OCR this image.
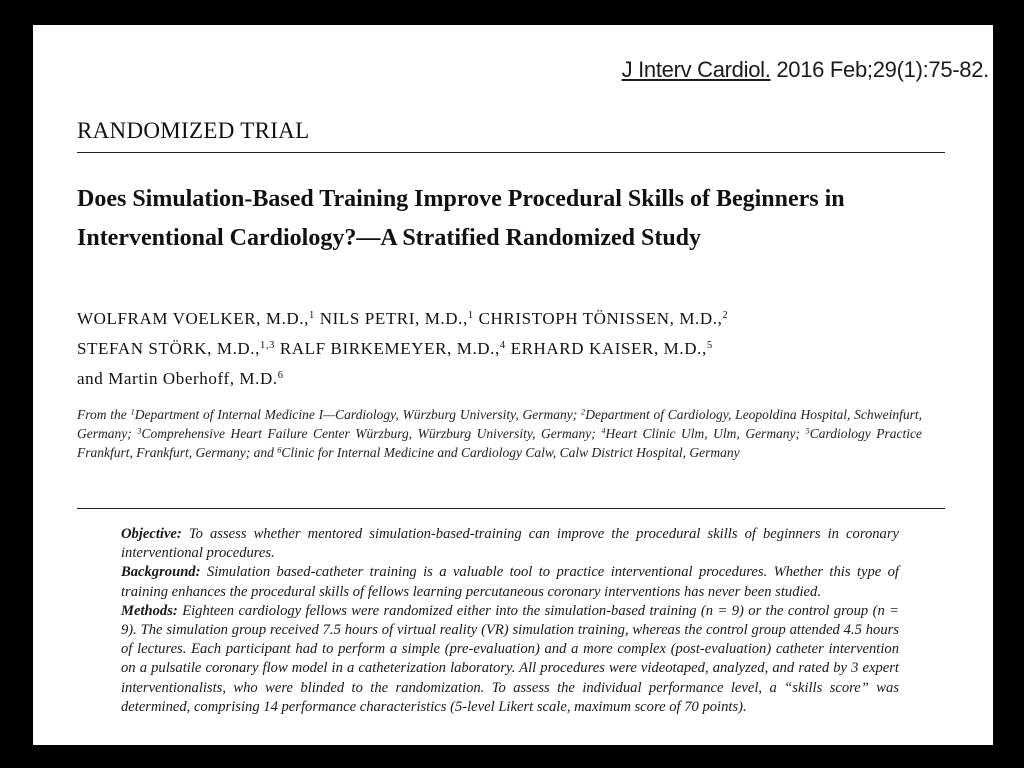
J Interv Cardiol. 2016 Feb;29(1):75-82.
RANDOMIZED TRIAL
Does Simulation-Based Training Improve Procedural Skills of Beginners in Interventional Cardiology?—A Stratified Randomized Study
WOLFRAM VOELKER, M.D.,$^1$ NILS PETRI, M.D.,$^1$ CHRISTOPH TÖNISSEN, M.D.,$^2$
STEFAN STÖRK, M.D.,$^{1,3}$ RALF BIRKEMEYER, M.D.,$^4$ ERHARD KAISER, M.D.,$^5$
and Martin Oberhoff, M.D.$^6$
From the $^1$Department of Internal Medicine I—Cardiology, Würzburg University, Germany; $^2$Department of Cardiology, Leopoldina Hospital, Schweinfurt, Germany; $^3$Comprehensive Heart Failure Center Würzburg, Würzburg University, Germany; $^4$Heart Clinic Ulm, Ulm, Germany; $^5$Cardiology Practice Frankfurt, Frankfurt, Germany; and $^6$Clinic for Internal Medicine and Cardiology Calw, Calw District Hospital, Germany

Objective: To assess whether mentored simulation-based-training can improve the procedural skills of beginners in coronary interventional procedures.

Background: Simulation based-catheter training is a valuable tool to practice interventional procedures. Whether this type of training enhances the procedural skills of fellows learning percutaneous coronary interventions has never been studied.

Methods: Eighteen cardiology fellows were randomized either into the simulation-based training (n = 9) or the control group (n = 9). The simulation group received 7.5 hours of virtual reality (VR) simulation training, whereas the control group attended 4.5 hours of lectures. Each participant had to perform a simple (pre-evaluation) and a more complex (post-evaluation) catheter intervention on a pulsatile coronary flow model in a catheterization laboratory. All procedures were videotaped, analyzed, and rated by 3 expert interventionalists, who were blinded to the randomization. To assess the individual performance level, a “skills score” was determined, comprising 14 performance characteristics (5-level Likert scale, maximum score of 70 points).
